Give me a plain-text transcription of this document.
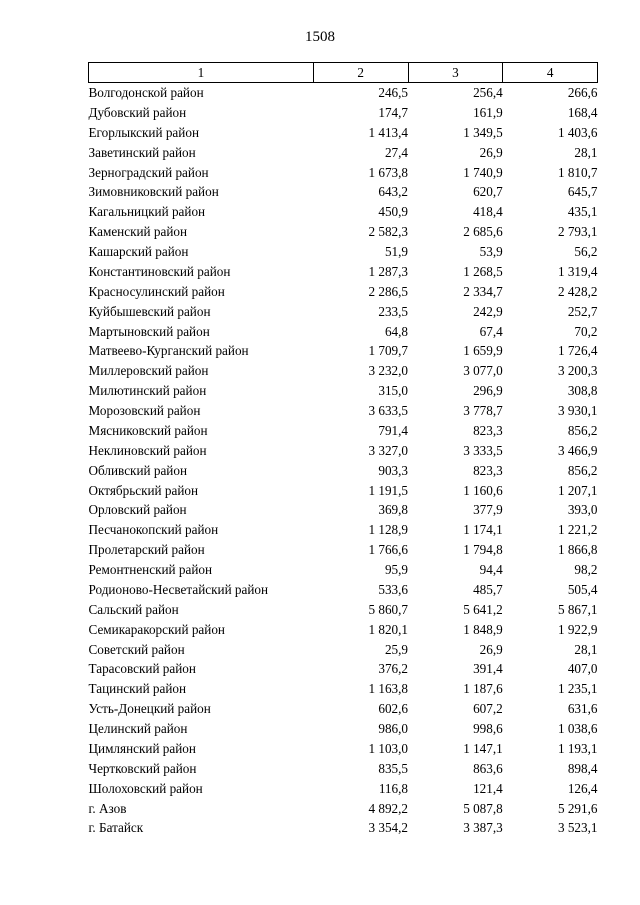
1508
1	2	3	4
Волгодонской район	246,5	256,4	266,6
Дубовский район	174,7	161,9	168,4
Егорлыкский район	1 413,4	1 349,5	1 403,6
Заветинский район	27,4	26,9	28,1
Зерноградский район	1 673,8	1 740,9	1 810,7
Зимовниковский район	643,2	620,7	645,7
Кагальницкий район	450,9	418,4	435,1
Каменский район	2 582,3	2 685,6	2 793,1
Кашарский район	51,9	53,9	56,2
Константиновский район	1 287,3	1 268,5	1 319,4
Красносулинский район	2 286,5	2 334,7	2 428,2
Куйбышевский район	233,5	242,9	252,7
Мартыновский район	64,8	67,4	70,2
Матвеево-Курганский район	1 709,7	1 659,9	1 726,4
Миллеровский район	3 232,0	3 077,0	3 200,3
Милютинский район	315,0	296,9	308,8
Морозовский район	3 633,5	3 778,7	3 930,1
Мясниковский район	791,4	823,3	856,2
Неклиновский район	3 327,0	3 333,5	3 466,9
Обливский район	903,3	823,3	856,2
Октябрьский район	1 191,5	1 160,6	1 207,1
Орловский район	369,8	377,9	393,0
Песчанокопский район	1 128,9	1 174,1	1 221,2
Пролетарский район	1 766,6	1 794,8	1 866,8
Ремонтненский район	95,9	94,4	98,2
Родионово-Несветайский район	533,6	485,7	505,4
Сальский район	5 860,7	5 641,2	5 867,1
Семикаракорский район	1 820,1	1 848,9	1 922,9
Советский район	25,9	26,9	28,1
Тарасовский район	376,2	391,4	407,0
Тацинский район	1 163,8	1 187,6	1 235,1
Усть-Донецкий район	602,6	607,2	631,6
Целинский район	986,0	998,6	1 038,6
Цимлянский район	1 103,0	1 147,1	1 193,1
Чертковский район	835,5	863,6	898,4
Шолоховский район	116,8	121,4	126,4
г. Азов	4 892,2	5 087,8	5 291,6
г. Батайск	3 354,2	3 387,3	3 523,1
